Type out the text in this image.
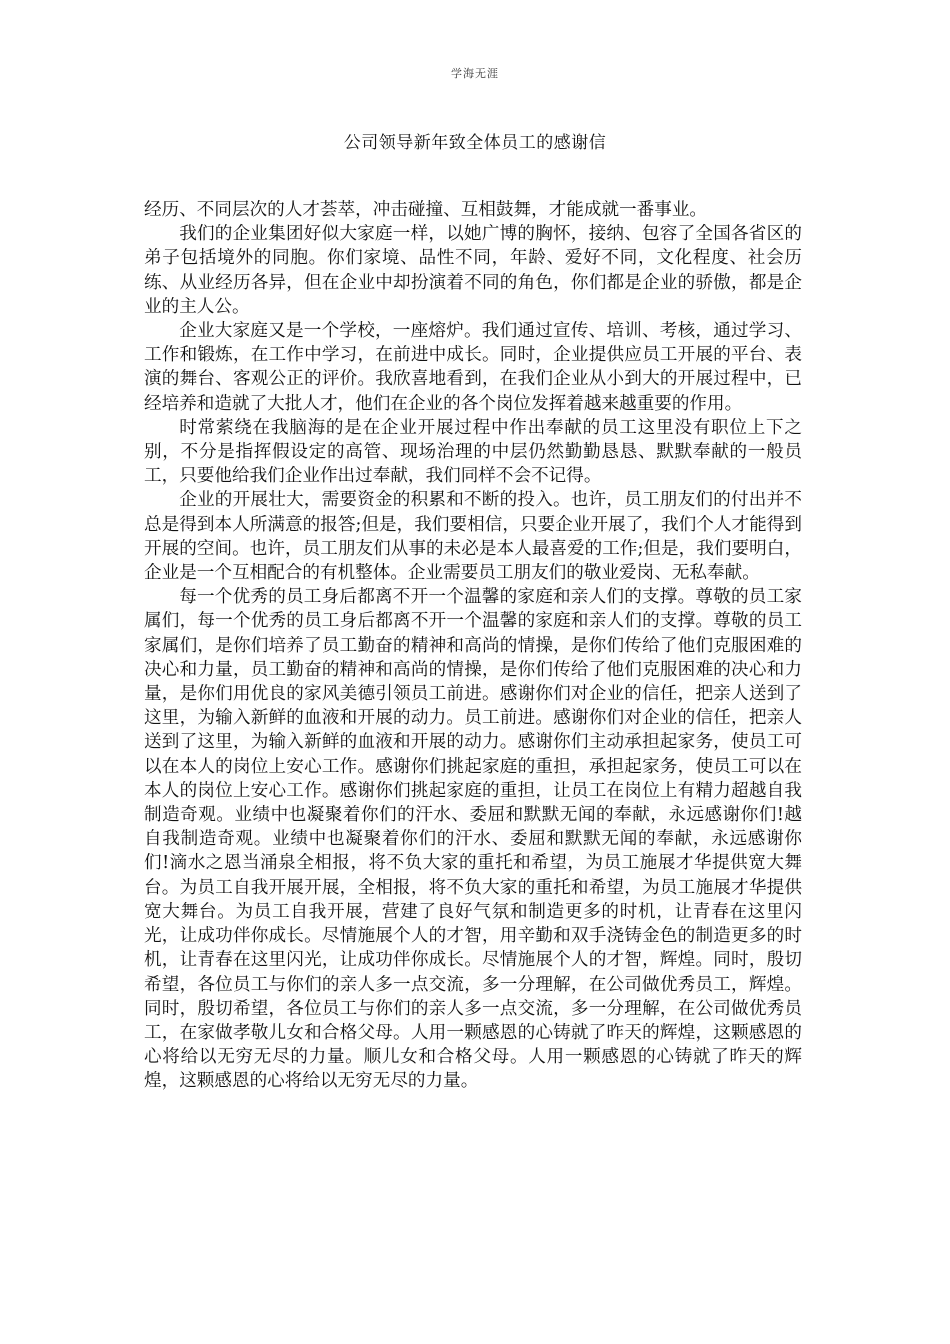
学海无涯
公司领导新年致全体员工的感谢信

经历、不同层次的人才荟萃，冲击碰撞、互相鼓舞，才能成就一番事业。

我们的企业集团好似大家庭一样，以她广博的胸怀，接纳、包容了全国各省区的弟子包括境外的同胞。你们家境、品性不同，年龄、爱好不同，文化程度、社会历练、从业经历各异，但在企业中却扮演着不同的角色，你们都是企业的骄傲，都是企业的主人公。

企业大家庭又是一个学校，一座熔炉。我们通过宣传、培训、考核，通过学习、工作和锻炼，在工作中学习，在前进中成长。同时，企业提供应员工开展的平台、表演的舞台、客观公正的评价。我欣喜地看到，在我们企业从小到大的开展过程中，已经培养和造就了大批人才，他们在企业的各个岗位发挥着越来越重要的作用。

时常萦绕在我脑海的是在企业开展过程中作出奉献的员工这里没有职位上下之别，不分是指挥假设定的高管、现场治理的中层仍然勤勤恳恳、默默奉献的一般员工，只要他给我们企业作出过奉献，我们同样不会不记得。

企业的开展壮大，需要资金的积累和不断的投入。也许，员工朋友们的付出并不总是得到本人所满意的报答;但是，我们要相信，只要企业开展了，我们个人才能得到开展的空间。也许，员工朋友们从事的未必是本人最喜爱的工作;但是，我们要明白，企业是一个互相配合的有机整体。企业需要员工朋友们的敬业爱岗、无私奉献。

每一个优秀的员工身后都离不开一个温馨的家庭和亲人们的支撑。尊敬的员工家属们，每一个优秀的员工身后都离不开一个温馨的家庭和亲人们的支撑。尊敬的员工家属们，是你们培养了员工勤奋的精神和高尚的情操，是你们传给了他们克服困难的决心和力量，员工勤奋的精神和高尚的情操，是你们传给了他们克服困难的决心和力量，是你们用优良的家风美德引领员工前进。感谢你们对企业的信任，把亲人送到了这里，为输入新鲜的血液和开展的动力。员工前进。感谢你们对企业的信任，把亲人送到了这里，为输入新鲜的血液和开展的动力。感谢你们主动承担起家务，使员工可以在本人的岗位上安心工作。感谢你们挑起家庭的重担，承担起家务，使员工可以在本人的岗位上安心工作。感谢你们挑起家庭的重担，让员工在岗位上有精力超越自我制造奇观。业绩中也凝聚着你们的汗水、委屈和默默无闻的奉献，永远感谢你们!越自我制造奇观。业绩中也凝聚着你们的汗水、委屈和默默无闻的奉献，永远感谢你们!滴水之恩当涌泉全相报，将不负大家的重托和希望，为员工施展才华提供宽大舞台。为员工自我开展开展，全相报，将不负大家的重托和希望，为员工施展才华提供宽大舞台。为员工自我开展，营建了良好气氛和制造更多的时机，让青春在这里闪光，让成功伴你成长。尽情施展个人的才智，用辛勤和双手浇铸金色的制造更多的时机，让青春在这里闪光，让成功伴你成长。尽情施展个人的才智，辉煌。同时，殷切希望，各位员工与你们的亲人多一点交流，多一分理解，在公司做优秀员工，辉煌。同时，殷切希望，各位员工与你们的亲人多一点交流，多一分理解，在公司做优秀员工，在家做孝敬儿女和合格父母。人用一颗感恩的心铸就了昨天的辉煌，这颗感恩的心将给以无穷无尽的力量。顺儿女和合格父母。人用一颗感恩的心铸就了昨天的辉煌，这颗感恩的心将给以无穷无尽的力量。
